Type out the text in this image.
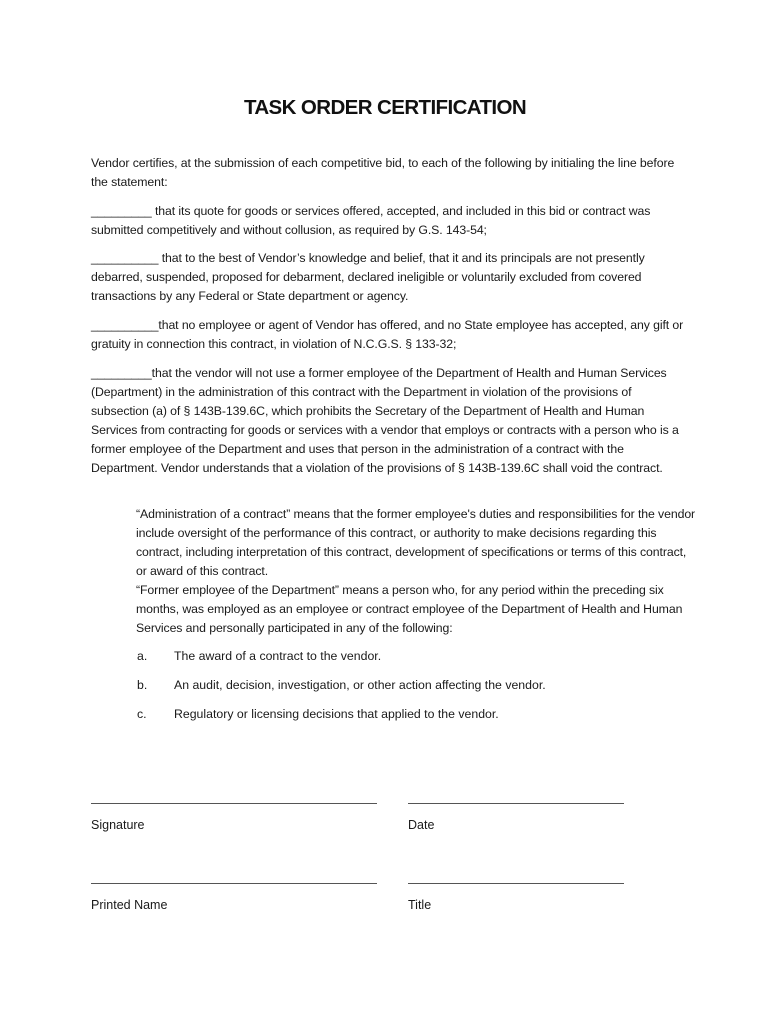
TASK ORDER CERTIFICATION
Vendor certifies, at the submission of each competitive bid, to each of the following by initialing the line before the statement:
_________ that its quote for goods or services offered, accepted, and included in this bid or contract was submitted competitively and without collusion, as required by G.S. 143-54;
__________ that to the best of Vendor’s knowledge and belief, that it and its principals are not presently debarred, suspended, proposed for debarment, declared ineligible or voluntarily excluded from covered transactions by any Federal or State department or agency.
__________that no employee or agent of Vendor has offered, and no State employee has accepted, any gift or gratuity in connection this contract, in violation of N.C.G.S. § 133-32;
_________that the vendor will not use a former employee of the Department of Health and Human Services (Department) in the administration of this contract with the Department in violation of the provisions of subsection (a) of § 143B-139.6C, which prohibits the Secretary of the Department of Health and Human Services from contracting for goods or services with a vendor that employs or contracts with a person who is a former employee of the Department and uses that person in the administration of a contract with the Department. Vendor understands that a violation of the provisions of § 143B-139.6C shall void the contract.
“Administration of a contract” means that the former employee's duties and responsibilities for the vendor include oversight of the performance of this contract, or authority to make decisions regarding this contract, including interpretation of this contract, development of specifications or terms of this contract, or award of this contract.
“Former employee of the Department” means a person who, for any period within the preceding six months, was employed as an employee or contract employee of the Department of Health and Human Services and personally participated in any of the following:
a.	The award of a contract to the vendor.
b.	An audit, decision, investigation, or other action affecting the vendor.
c.	Regulatory or licensing decisions that applied to the vendor.
Signature	Date
Printed Name	Title
